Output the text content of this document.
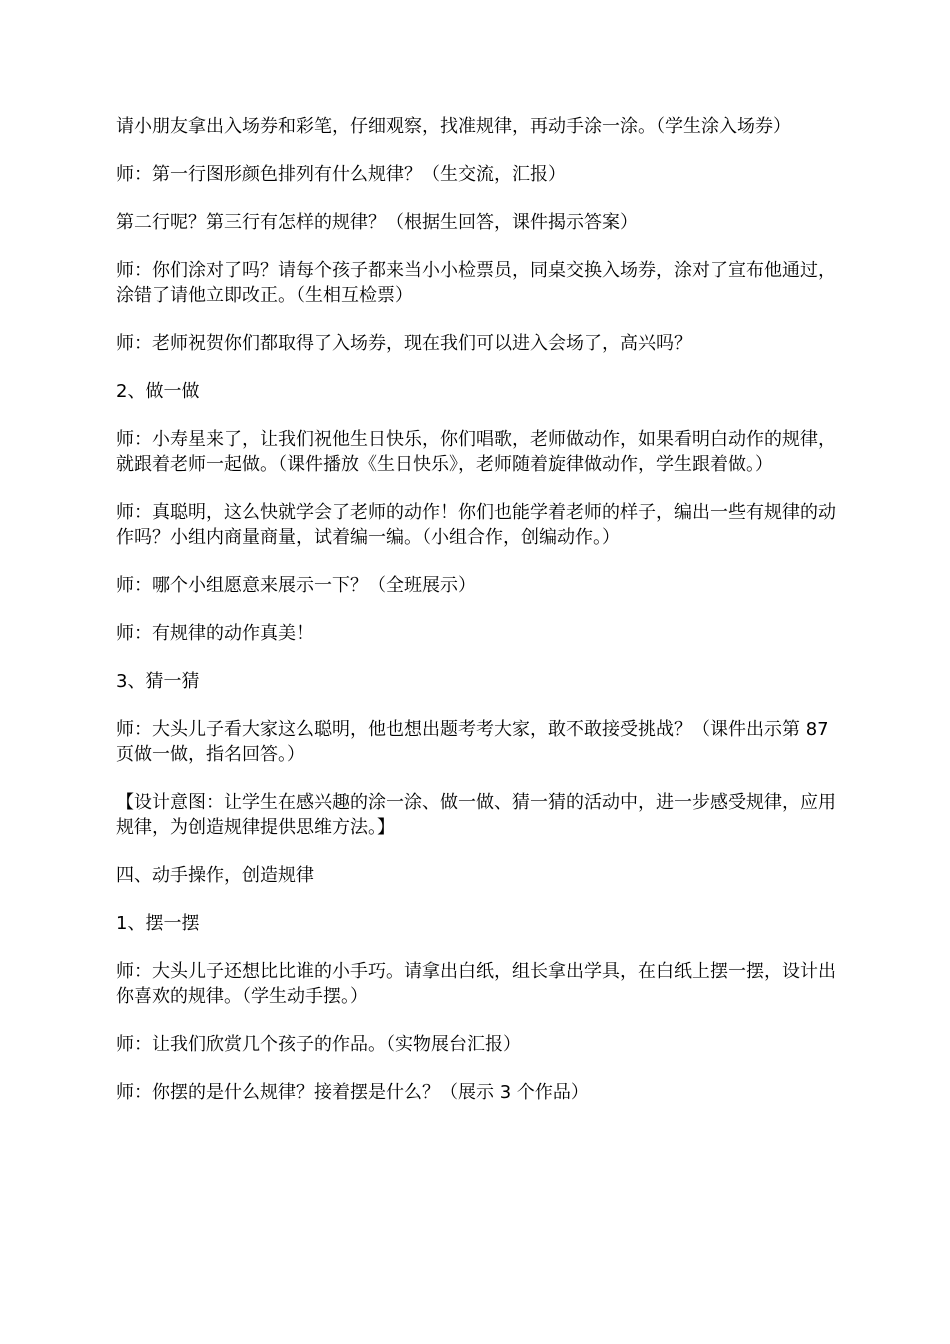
请小朋友拿出入场券和彩笔，仔细观察，找准规律，再动手涂一涂。（学生涂入场券）

师：第一行图形颜色排列有什么规律？（生交流，汇报）

第二行呢？第三行有怎样的规律？（根据生回答，课件揭示答案）

师：你们涂对了吗？请每个孩子都来当小小检票员，同桌交换入场券，涂对了宣布他通过，涂错了请他立即改正。（生相互检票）

师：老师祝贺你们都取得了入场券，现在我们可以进入会场了，高兴吗？

2、做一做

师：小寿星来了，让我们祝他生日快乐，你们唱歌，老师做动作，如果看明白动作的规律，就跟着老师一起做。（课件播放《生日快乐》，老师随着旋律做动作，学生跟着做。）

师：真聪明，这么快就学会了老师的动作！你们也能学着老师的样子，编出一些有规律的动作吗？小组内商量商量，试着编一编。（小组合作，创编动作。）

师：哪个小组愿意来展示一下？（全班展示）

师：有规律的动作真美！

3、猜一猜

师：大头儿子看大家这么聪明，他也想出题考考大家，敢不敢接受挑战？（课件出示第 87 页做一做，指名回答。）

【设计意图：让学生在感兴趣的涂一涂、做一做、猜一猜的活动中，进一步感受规律，应用规律，为创造规律提供思维方法。】

四、动手操作，创造规律

1、摆一摆

师：大头儿子还想比比谁的小手巧。请拿出白纸，组长拿出学具，在白纸上摆一摆，设计出你喜欢的规律。（学生动手摆。）

师：让我们欣赏几个孩子的作品。（实物展台汇报）

师：你摆的是什么规律？接着摆是什么？（展示 3 个作品）
